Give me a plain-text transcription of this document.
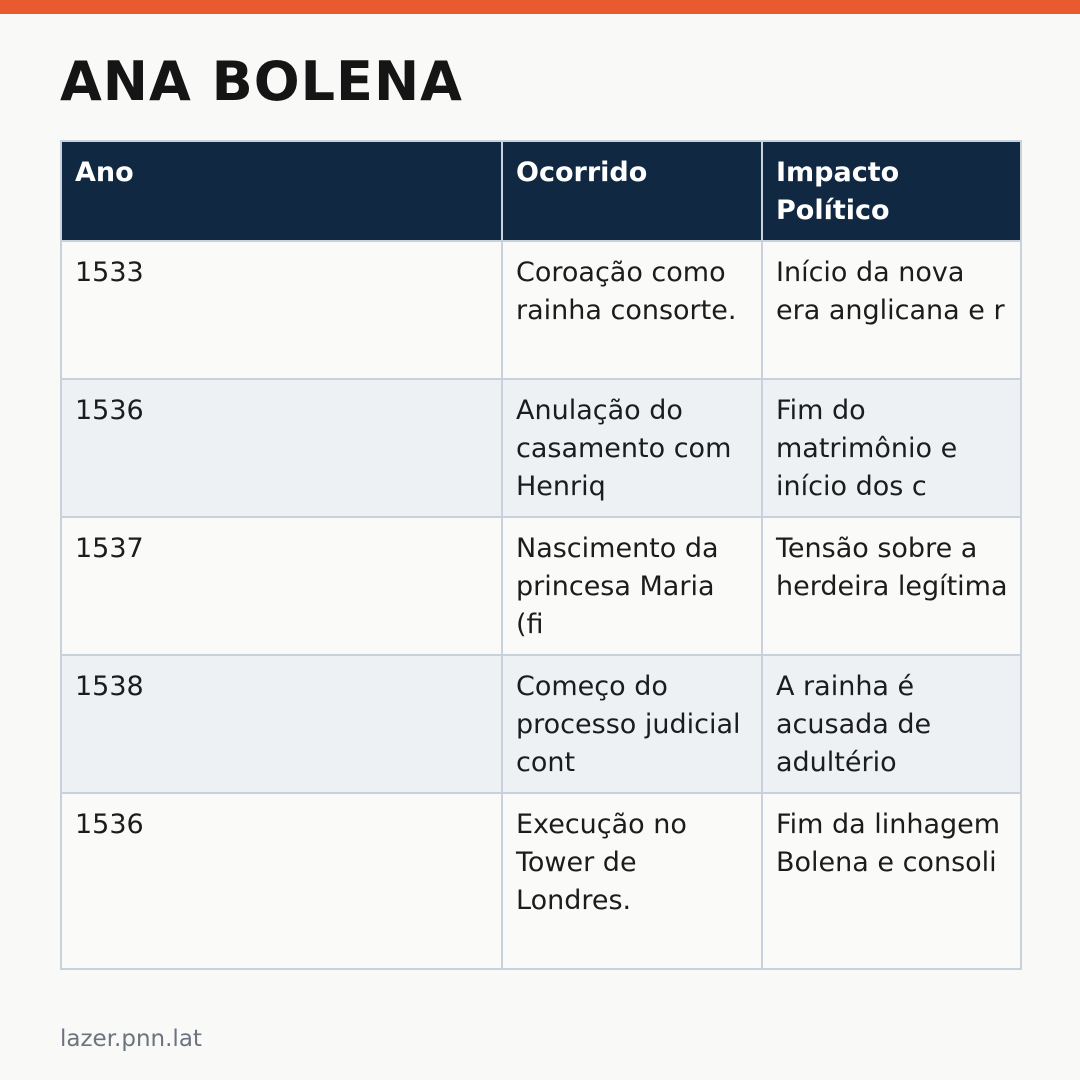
ANA BOLENA
Ano	Ocorrido	Impacto Político
1533	Coroação como rainha consorte.	Início da nova era anglicana e r
1536	Anulação do casamento com Henriq	Fim do matrimônio e início dos c
1537	Nascimento da princesa Maria (fi	Tensão sobre a herdeira legítima
1538	Começo do processo judicial cont	A rainha é acusada de adultério
1536	Execução no Tower de Londres.	Fim da linhagem Bolena e consoli
lazer.pnn.lat
